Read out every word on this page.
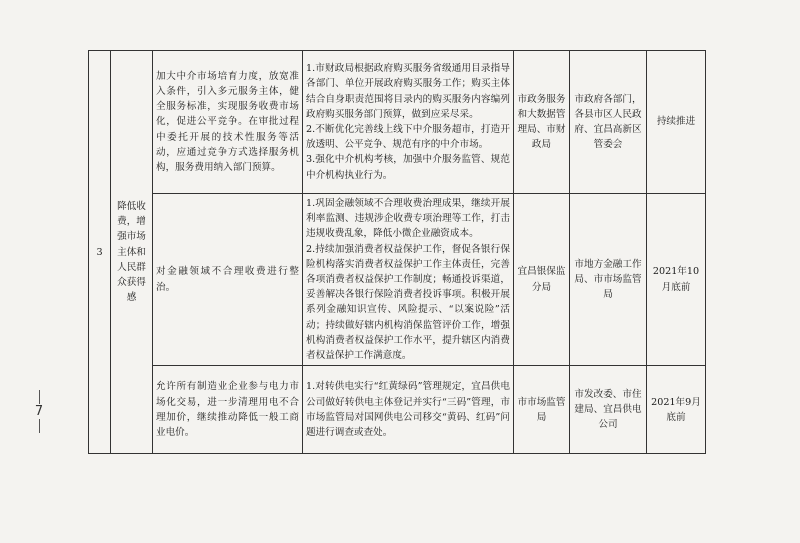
7
3	降低收费，增强市场主体和人民群众获得感	加大中介市场培育力度，放宽准入条件，引入多元服务主体，健全服务标准，实现服务收费市场化，促进公平竞争。在审批过程中委托开展的技术性服务等活动，应通过竞争方式选择服务机构，服务费用纳入部门预算。	1.市财政局根据政府购买服务省级通用目录指导各部门、单位开展政府购买服务工作；购买主体结合自身职责范围将目录内的购买服务内容编列政府购买服务部门预算，做到应采尽采。
2.不断优化完善线上线下中介服务超市，打造开放透明、公平竞争、规范有序的中介市场。
3.强化中介机构考核，加强中介服务监管、规范中介机构执业行为。	市政务服务和大数据管理局、市财政局	市政府各部门，各县市区人民政府、宜昌高新区管委会	持续推进
		对金融领域不合理收费进行整治。	1.巩固金融领域不合理收费治理成果，继续开展利率监测、违规涉企收费专项治理等工作，打击违规收费乱象，降低小微企业融资成本。
2.持续加强消费者权益保护工作，督促各银行保险机构落实消费者权益保护工作主体责任，完善各项消费者权益保护工作制度；畅通投诉渠道，妥善解决各银行保险消费者投诉事项。积极开展系列金融知识宣传、风险提示、“以案说险”活动；持续做好辖内机构消保监管评价工作，增强机构消费者权益保护工作水平，提升辖区内消费者权益保护工作满意度。	宜昌银保监分局	市地方金融工作局、市市场监管局	2021年10月底前
		允许所有制造业企业参与电力市场化交易，进一步清理用电不合理加价，继续推动降低一般工商业电价。	1.对转供电实行“红黄绿码”管理规定，宜昌供电公司做好转供电主体登记并实行“三码”管理，市市场监管局对国网供电公司移交“黄码、红码”问题进行调查或查处。	市市场监管局	市发改委、市住建局、宜昌供电公司	2021年9月底前
